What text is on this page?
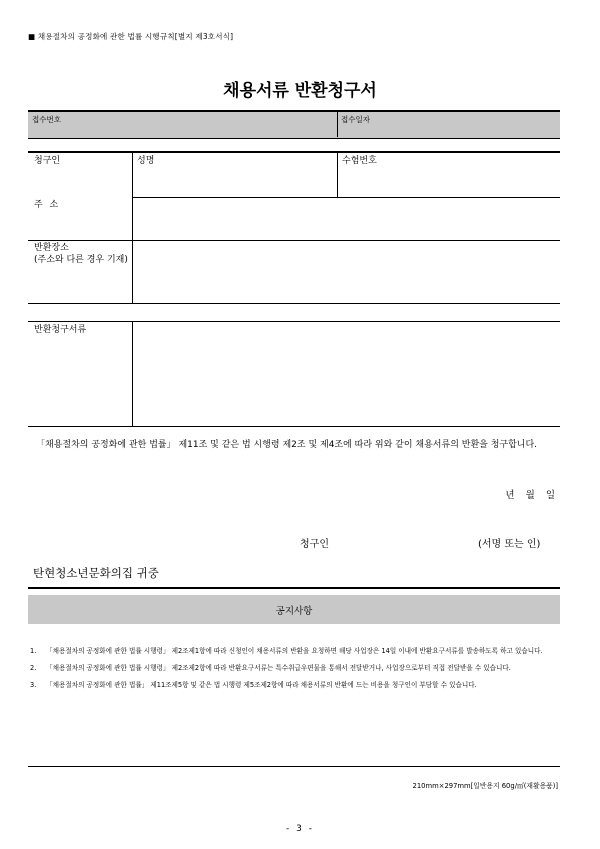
■ 채용절차의 공정화에 관한 법률 시행규칙[별지 제3호서식]
채용서류 반환청구서
접수번호	접수일자
청구인	성명	수험번호
주 소
반환장소
(주소와 다른 경우 기재)
반환청구서류
「채용절차의 공정화에 관한 법률」 제11조 및 같은 법 시행령 제2조 및 제4조에 따라 위와 같이 채용서류의 반환을 청구합니다.
년 월 일
청구인	(서명 또는 인)
탄현청소년문화의집 귀중
공지사항
1.	「채용절차의 공정화에 관한 법률 시행령」 제2조제1항에 따라 신청인이 채용서류의 반환을 요청하면 해당 사업장은 14일 이내에 반환요구서류를 발송하도록 하고 있습니다.
2.	「채용절차의 공정화에 관한 법률 시행령」 제2조제2항에 따라 반환요구서류는 특수취급우편물을 통해서 전달받거나, 사업장으로부터 직접 전달받을 수 있습니다.
3.	「채용절차의 공정화에 관한 법률」 제11조제5항 및 같은 법 시행령 제5조제2항에 따라 채용서류의 반환에 드는 비용을 청구인이 부담할 수 있습니다.
210mm×297mm[일반용지 60g/㎡(재활용품)]
- 3 -
